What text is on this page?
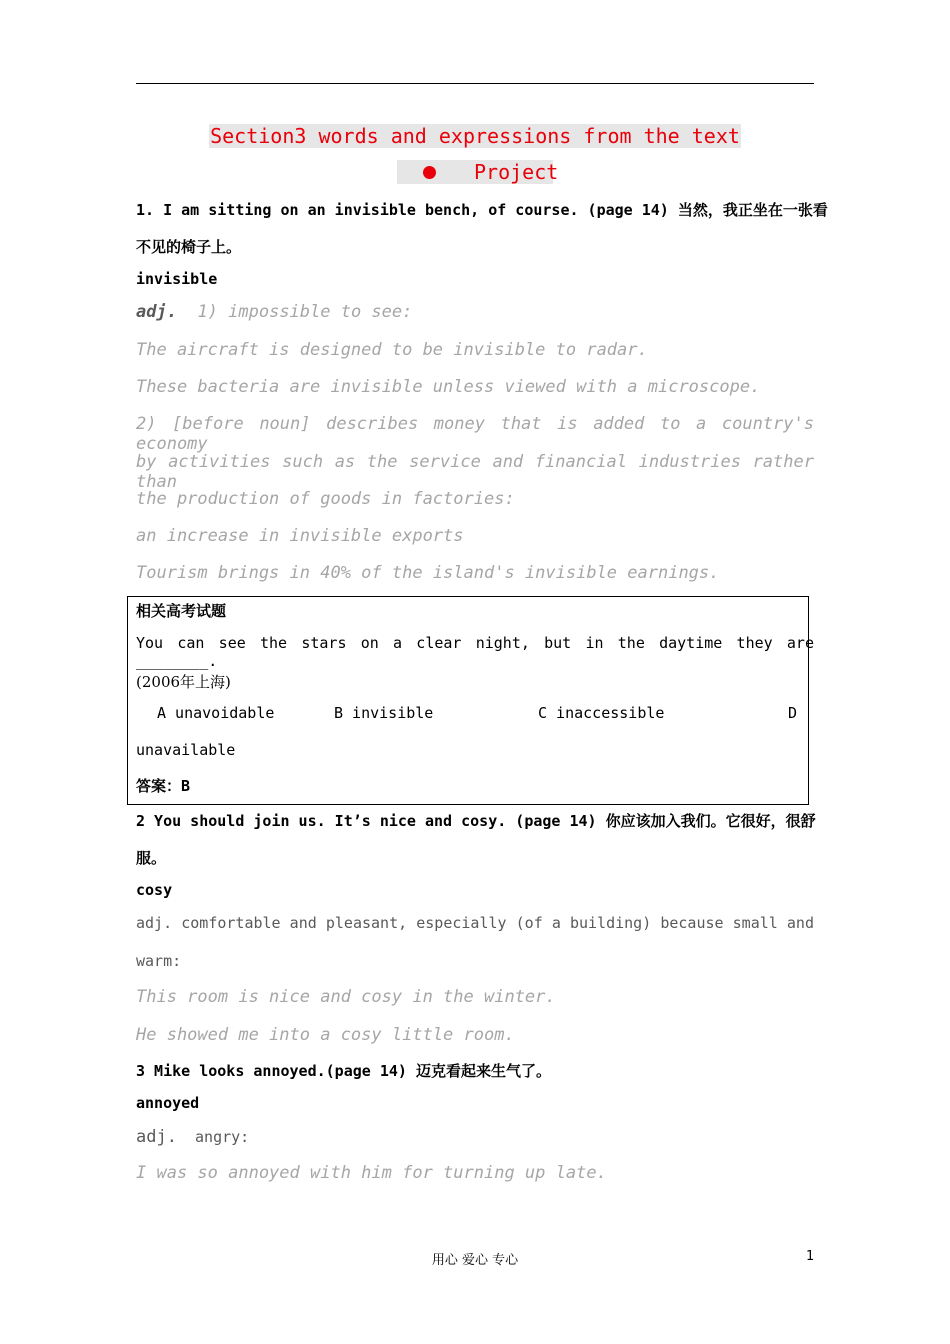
Section3 words and expressions from the text
Project
1. I am sitting on an invisible bench, of course. (page 14) 当然，我正坐在一张看
不见的椅子上。
invisible
adj. 1) impossible to see:
The aircraft is designed to be invisible to radar.
These bacteria are invisible unless viewed with a microscope.
2) [before noun] describes money that is added to a country's economy
by activities such as the service and financial industries rather than
the production of goods in factories:
an increase in invisible exports
Tourism brings in 40% of the island's invisible earnings.
相关高考试题
You can see the stars on a clear night, but in the daytime they are ________.
(2006年上海)
A unavoidable	B invisible	C inaccessible	D
unavailable
答案：B
2 You should join us. It’s nice and cosy. (page 14) 你应该加入我们。它很好，很舒
服。
cosy
adj. comfortable and pleasant, especially (of a building) because small and
warm:
This room is nice and cosy in the winter.
He showed me into a cosy little room.
3 Mike looks annoyed.(page 14) 迈克看起来生气了。
annoyed
adj. angry:
I was so annoyed with him for turning up late.
用心 爱心 专心	1
